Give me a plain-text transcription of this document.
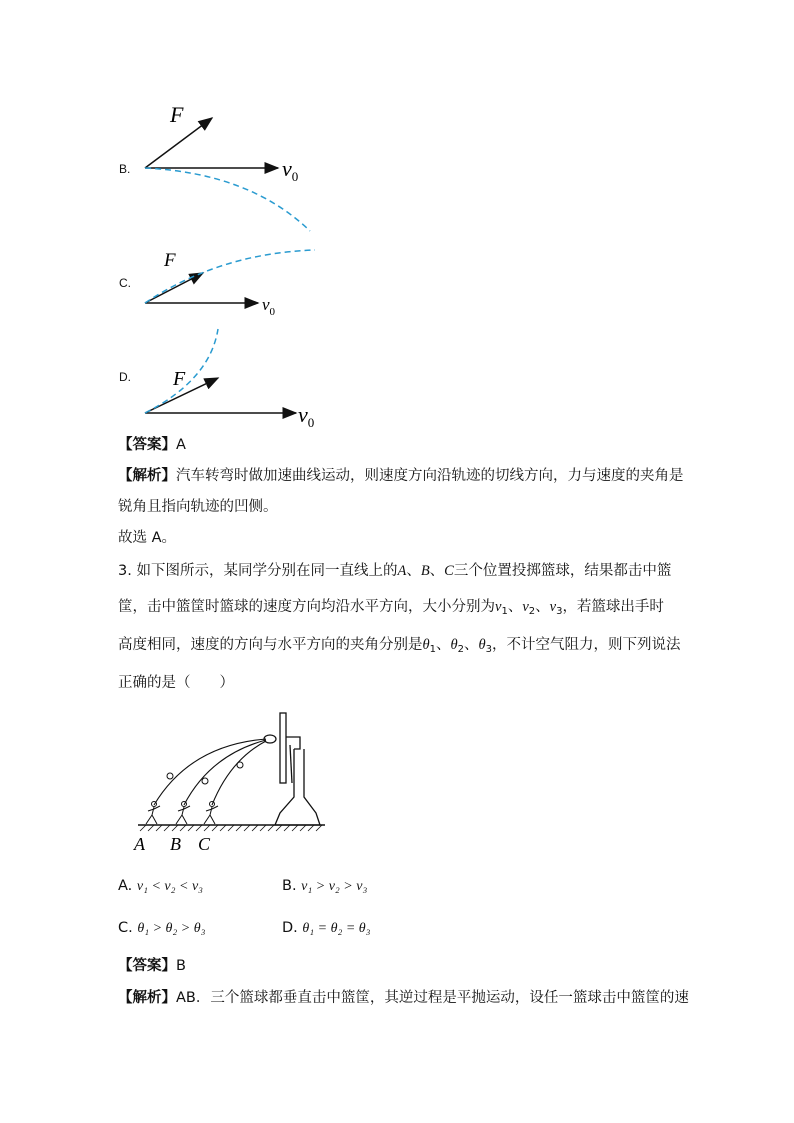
B.
F
$v_0$
C.
F
$v_0$
D. F
$v_0$
【答案】A
【解析】汽车转弯时做加速曲线运动，则速度方向沿轨迹的切线方向，力与速度的夹角是
锐角且指向轨迹的凹侧。
故选 A。
3. 如下图所示，某同学分别在同一直线上的A、B、C三个位置投掷篮球，结果都击中篮
筐，击中篮筐时篮球的速度方向均沿水平方向，大小分别为$v_1$、$v_2$、$v_3$，若篮球出手时
高度相同，速度的方向与水平方向的夹角分别是$\theta_1$、$\theta_2$、$\theta_3$，不计空气阻力，则下列说法
正确的是（　　）
A B C
A. v₁ < v₂ < v₃	B. v₁ > v₂ > v₃
C. θ₁ > θ₂ > θ₃	D. θ₁ = θ₂ = θ₃
【答案】B
【解析】AB．三个篮球都垂直击中篮筐，其逆过程是平抛运动，设任一篮球击中篮筐的速
